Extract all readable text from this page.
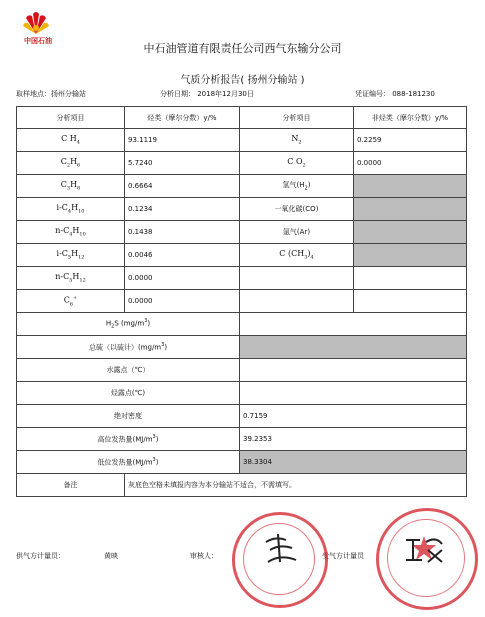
中国石油
中石油管道有限责任公司西气东输分公司
气质分析报告( 扬州分输站 )
取样地点：扬州分输站	分析日期： 2018年12月30日	凭证编号： 088-181230
分析项目	烃类（摩尔分数）y/%	分析项目	非烃类（摩尔分数）y/%
C $H_4$	93.1119	$N_2$	0.2259
$C_2H_6$	5.7240	C $O_2$	0.0000
$C_3H_8$	0.6664	氢气$(H_2)$	
$i-C_4H_{10}$	0.1234	一氧化碳(CO)	
$n-C_4H_{10}$	0.1438	氩气(Ar)	
$i-C_5H_{12}$	0.0046	C $(CH_3)_4$	
$n-C_5H_{12}$	0.0000		
$C_6^+$	0.0000		
$H_2S$ $(mg/m^3)$			
总硫（以硫计）$(mg/m^3)$			
水露点（℃）			
烃露点(℃)			
绝对密度		0.7159	
高位发热量$(MJ/m^3)$		39.2353	
低位发热量$(MJ/m^3)$		38.3304	
备注	灰底色空格未填报内容为本分输站不适合，不需填写。		
供气方计量员：	黄映	审核人：	受气方计量员
